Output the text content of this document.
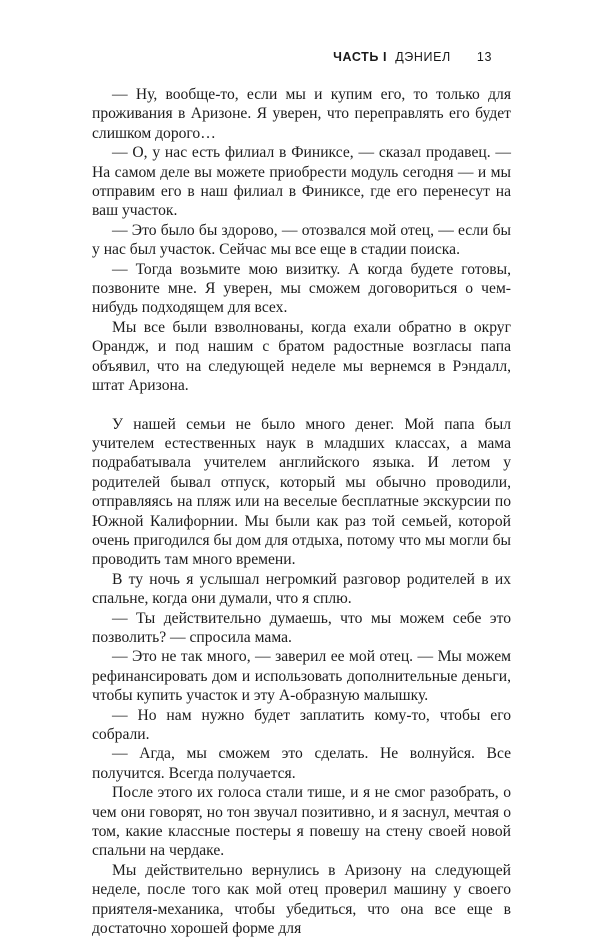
ЧАСТЬ I ДЭНИЕЛ 13

— Ну, вообще-то, если мы и купим его, то только для проживания в Аризоне. Я уверен, что переправлять его будет слишком дорого…

— О, у нас есть филиал в Финиксе, — сказал продавец. — На самом деле вы можете приобрести модуль сегодня — и мы отправим его в наш филиал в Финиксе, где его перенесут на ваш участок.

— Это было бы здорово, — отозвался мой отец, — если бы у нас был участок. Сейчас мы все еще в стадии поиска.

— Тогда возьмите мою визитку. А когда будете готовы, позвоните мне. Я уверен, мы сможем договориться о чем-нибудь подходящем для всех.

Мы все были взволнованы, когда ехали обратно в округ Орандж, и под нашим с братом радостные возгласы папа объявил, что на следующей неделе мы вернемся в Рэндалл, штат Аризона.

У нашей семьи не было много денег. Мой папа был учителем естественных наук в младших классах, а мама подрабатывала учителем английского языка. И летом у родителей бывал отпуск, который мы обычно проводили, отправляясь на пляж или на веселые бесплатные экскурсии по Южной Калифорнии. Мы были как раз той семьей, которой очень пригодился бы дом для отдыха, потому что мы могли бы проводить там много времени.

В ту ночь я услышал негромкий разговор родителей в их спальне, когда они думали, что я сплю.

— Ты действительно думаешь, что мы можем себе это позволить? — спросила мама.

— Это не так много, — заверил ее мой отец. — Мы можем рефинансировать дом и использовать дополнительные деньги, чтобы купить участок и эту А-образную малышку.

— Но нам нужно будет заплатить кому-то, чтобы его собрали.

— Агда, мы сможем это сделать. Не волнуйся. Все получится. Всегда получается.

После этого их голоса стали тише, и я не смог разобрать, о чем они говорят, но тон звучал позитивно, и я заснул, мечтая о том, какие классные постеры я повешу на стену своей новой спальни на чердаке.

Мы действительно вернулись в Аризону на следующей неделе, после того как мой отец проверил машину у своего приятеля-механика, чтобы убедиться, что она все еще в достаточно хорошей форме для
